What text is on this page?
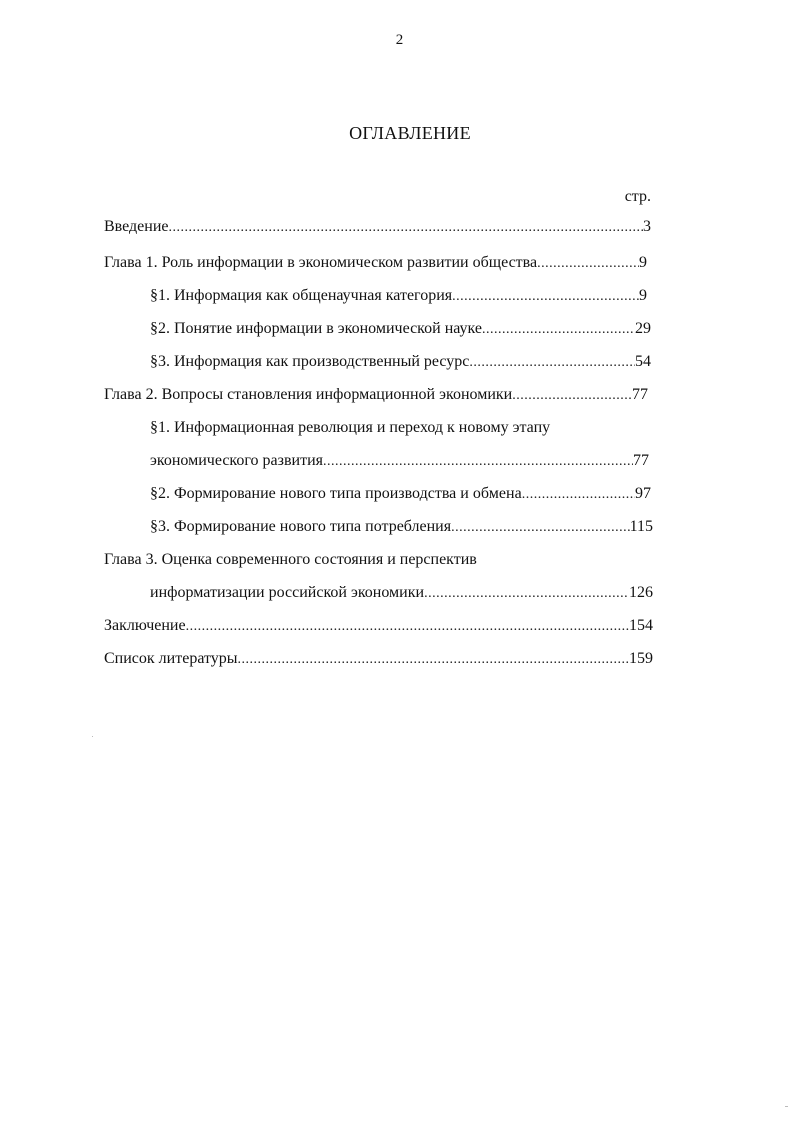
2
ОГЛАВЛЕНИЕ
стр.
Введение .....	3
Глава 1. Роль информации в экономическом развитии общества .....	9
§1. Информация как общенаучная категория .....	9
§2. Понятие информации в экономической науке .....	29
§3. Информация как производственный ресурс .....	54
Глава 2. Вопросы становления информационной экономики .....	77
§1. Информационная революция и переход к новому этапу
экономического развития .....	77
§2. Формирование нового типа производства и обмена .....	97
§3. Формирование нового типа потребления .....	115
Глава 3. Оценка современного состояния и перспектив
информатизации российской экономики .....	126
Заключение .....	154
Список литературы .....	159
